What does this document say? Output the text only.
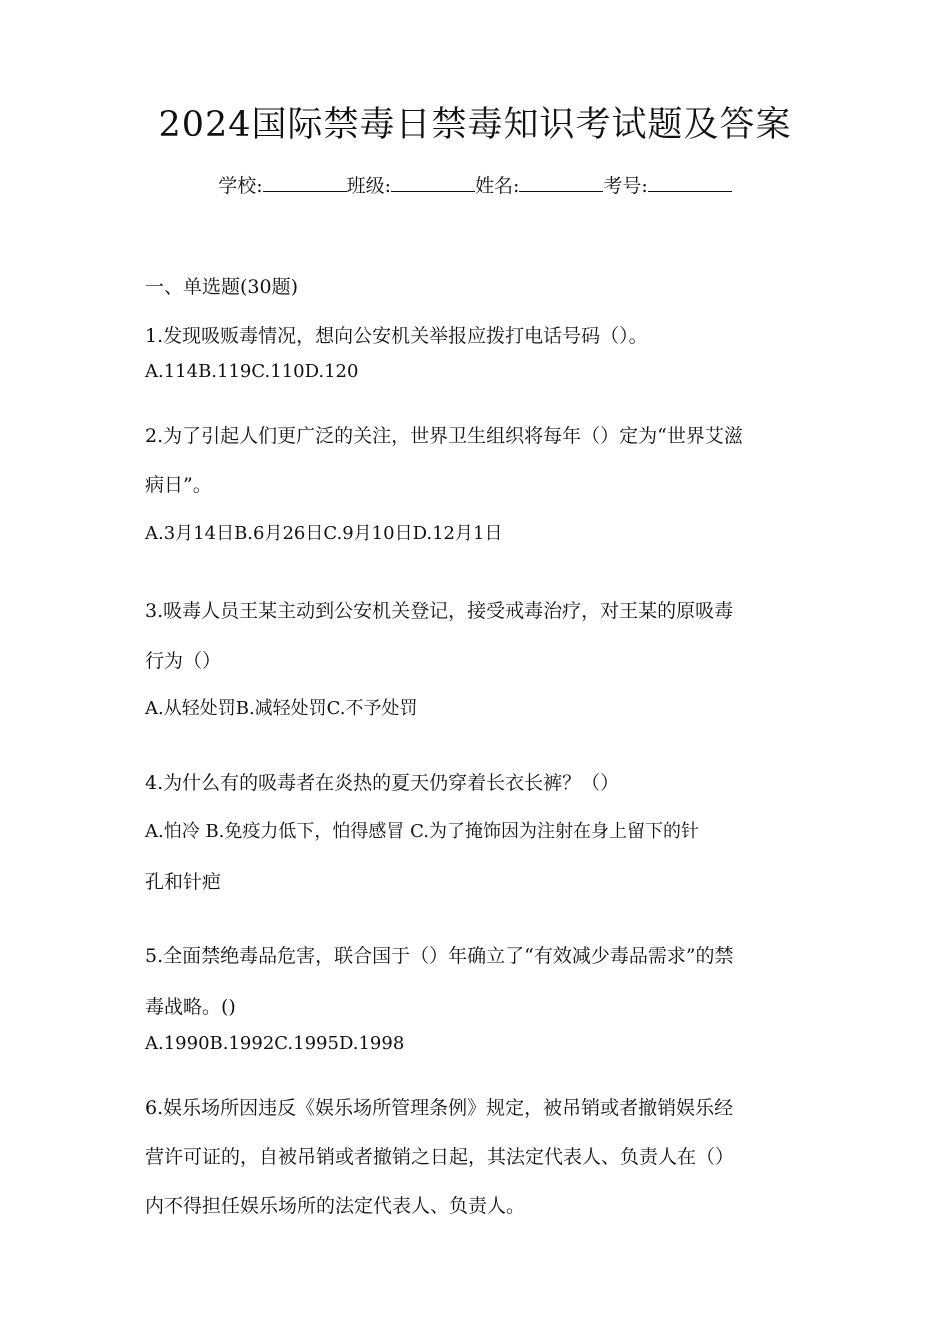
2024国际禁毒日禁毒知识考试题及答案
学校:	班级:	姓名:	考号:
一、单选题(30题)
1.发现吸贩毒情况，想向公安机关举报应拨打电话号码（）。
A.114B.119C.110D.120
2.为了引起人们更广泛的关注，世界卫生组织将每年（）定为“世界艾滋
病日”。
A.3月14日B.6月26日C.9月10日D.12月1日
3.吸毒人员王某主动到公安机关登记，接受戒毒治疗，对王某的原吸毒
行为（）
A.从轻处罚B.减轻处罚C.不予处罚
4.为什么有的吸毒者在炎热的夏天仍穿着长衣长裤？（）
A.怕冷 B.免疫力低下，怕得感冒 C.为了掩饰因为注射在身上留下的针
孔和针疤
5.全面禁绝毒品危害，联合国于（）年确立了“有效减少毒品需求”的禁
毒战略。()
A.1990B.1992C.1995D.1998
6.娱乐场所因违反《娱乐场所管理条例》规定，被吊销或者撤销娱乐经
营许可证的，自被吊销或者撤销之日起，其法定代表人、负责人在（）
内不得担任娱乐场所的法定代表人、负责人。
